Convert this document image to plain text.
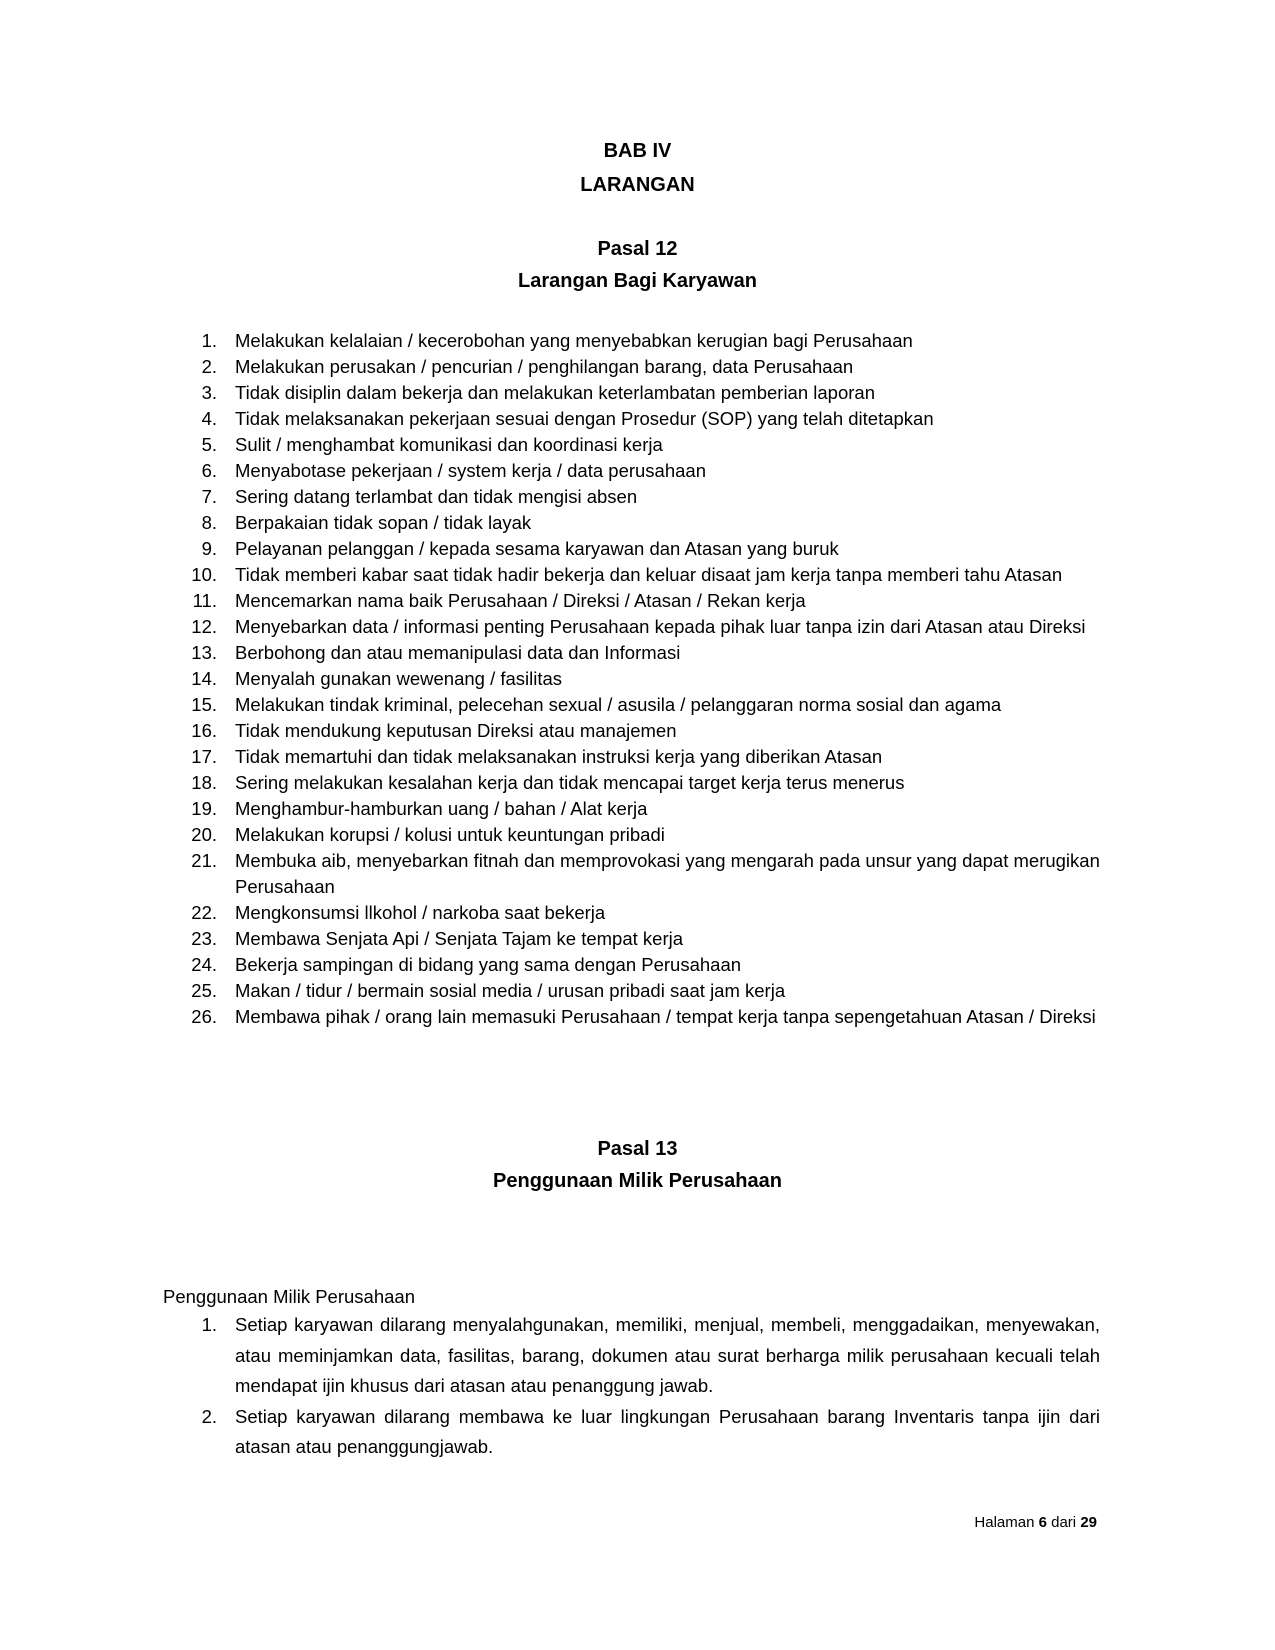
BAB IV
LARANGAN
Pasal 12
Larangan Bagi Karyawan
1. Melakukan kelalaian / kecerobohan yang menyebabkan kerugian bagi Perusahaan
2. Melakukan perusakan / pencurian / penghilangan barang, data Perusahaan
3. Tidak disiplin dalam bekerja dan melakukan keterlambatan pemberian laporan
4. Tidak melaksanakan pekerjaan sesuai dengan Prosedur (SOP) yang telah ditetapkan
5. Sulit / menghambat komunikasi dan koordinasi kerja
6. Menyabotase pekerjaan / system kerja / data perusahaan
7. Sering datang terlambat dan tidak mengisi absen
8. Berpakaian tidak sopan / tidak layak
9. Pelayanan pelanggan / kepada sesama karyawan dan Atasan yang buruk
10. Tidak memberi kabar saat tidak hadir bekerja dan keluar disaat jam kerja tanpa memberi tahu Atasan
11. Mencemarkan nama baik Perusahaan / Direksi / Atasan / Rekan kerja
12. Menyebarkan data / informasi penting Perusahaan kepada pihak luar tanpa izin dari Atasan atau Direksi
13. Berbohong dan atau memanipulasi data dan Informasi
14. Menyalah gunakan wewenang / fasilitas
15. Melakukan tindak kriminal, pelecehan sexual / asusila / pelanggaran norma sosial dan agama
16. Tidak mendukung keputusan Direksi atau manajemen
17. Tidak memartuhi dan tidak melaksanakan instruksi kerja yang diberikan Atasan
18. Sering melakukan kesalahan kerja dan tidak mencapai target kerja terus menerus
19. Menghambur-hamburkan uang / bahan / Alat kerja
20. Melakukan korupsi / kolusi untuk keuntungan pribadi
21. Membuka aib, menyebarkan fitnah dan memprovokasi yang mengarah pada unsur yang dapat merugikan Perusahaan
22. Mengkonsumsi llkohol / narkoba saat bekerja
23. Membawa Senjata Api / Senjata Tajam ke tempat kerja
24. Bekerja sampingan di bidang yang sama dengan Perusahaan
25. Makan / tidur / bermain sosial media / urusan pribadi saat jam kerja
26. Membawa pihak / orang lain memasuki Perusahaan / tempat kerja tanpa sepengetahuan Atasan / Direksi
Pasal 13
Penggunaan Milik Perusahaan

Penggunaan Milik Perusahaan

1. Setiap karyawan dilarang menyalahgunakan, memiliki, menjual, membeli, menggadaikan, menyewakan, atau meminjamkan data, fasilitas, barang, dokumen atau surat berharga milik perusahaan kecuali telah mendapat ijin khusus dari atasan atau penanggung jawab.
2. Setiap karyawan dilarang membawa ke luar lingkungan Perusahaan barang Inventaris tanpa ijin dari atasan atau penanggungjawab.
Halaman 6 dari 29
